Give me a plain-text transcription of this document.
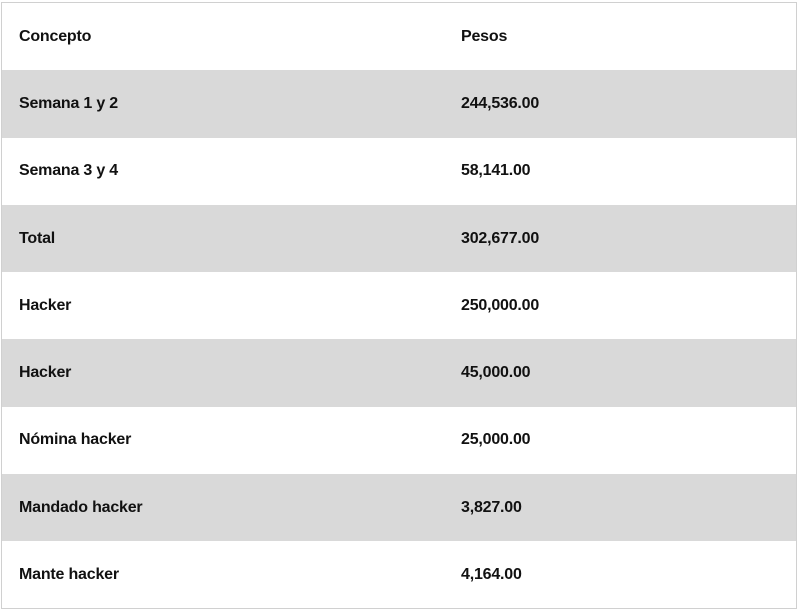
Concepto	Pesos
Semana 1 y 2	244,536.00
Semana 3 y 4	58,141.00
Total	302,677.00
Hacker	250,000.00
Hacker	45,000.00
Nómina hacker	25,000.00
Mandado hacker	3,827.00
Mante hacker	4,164.00
